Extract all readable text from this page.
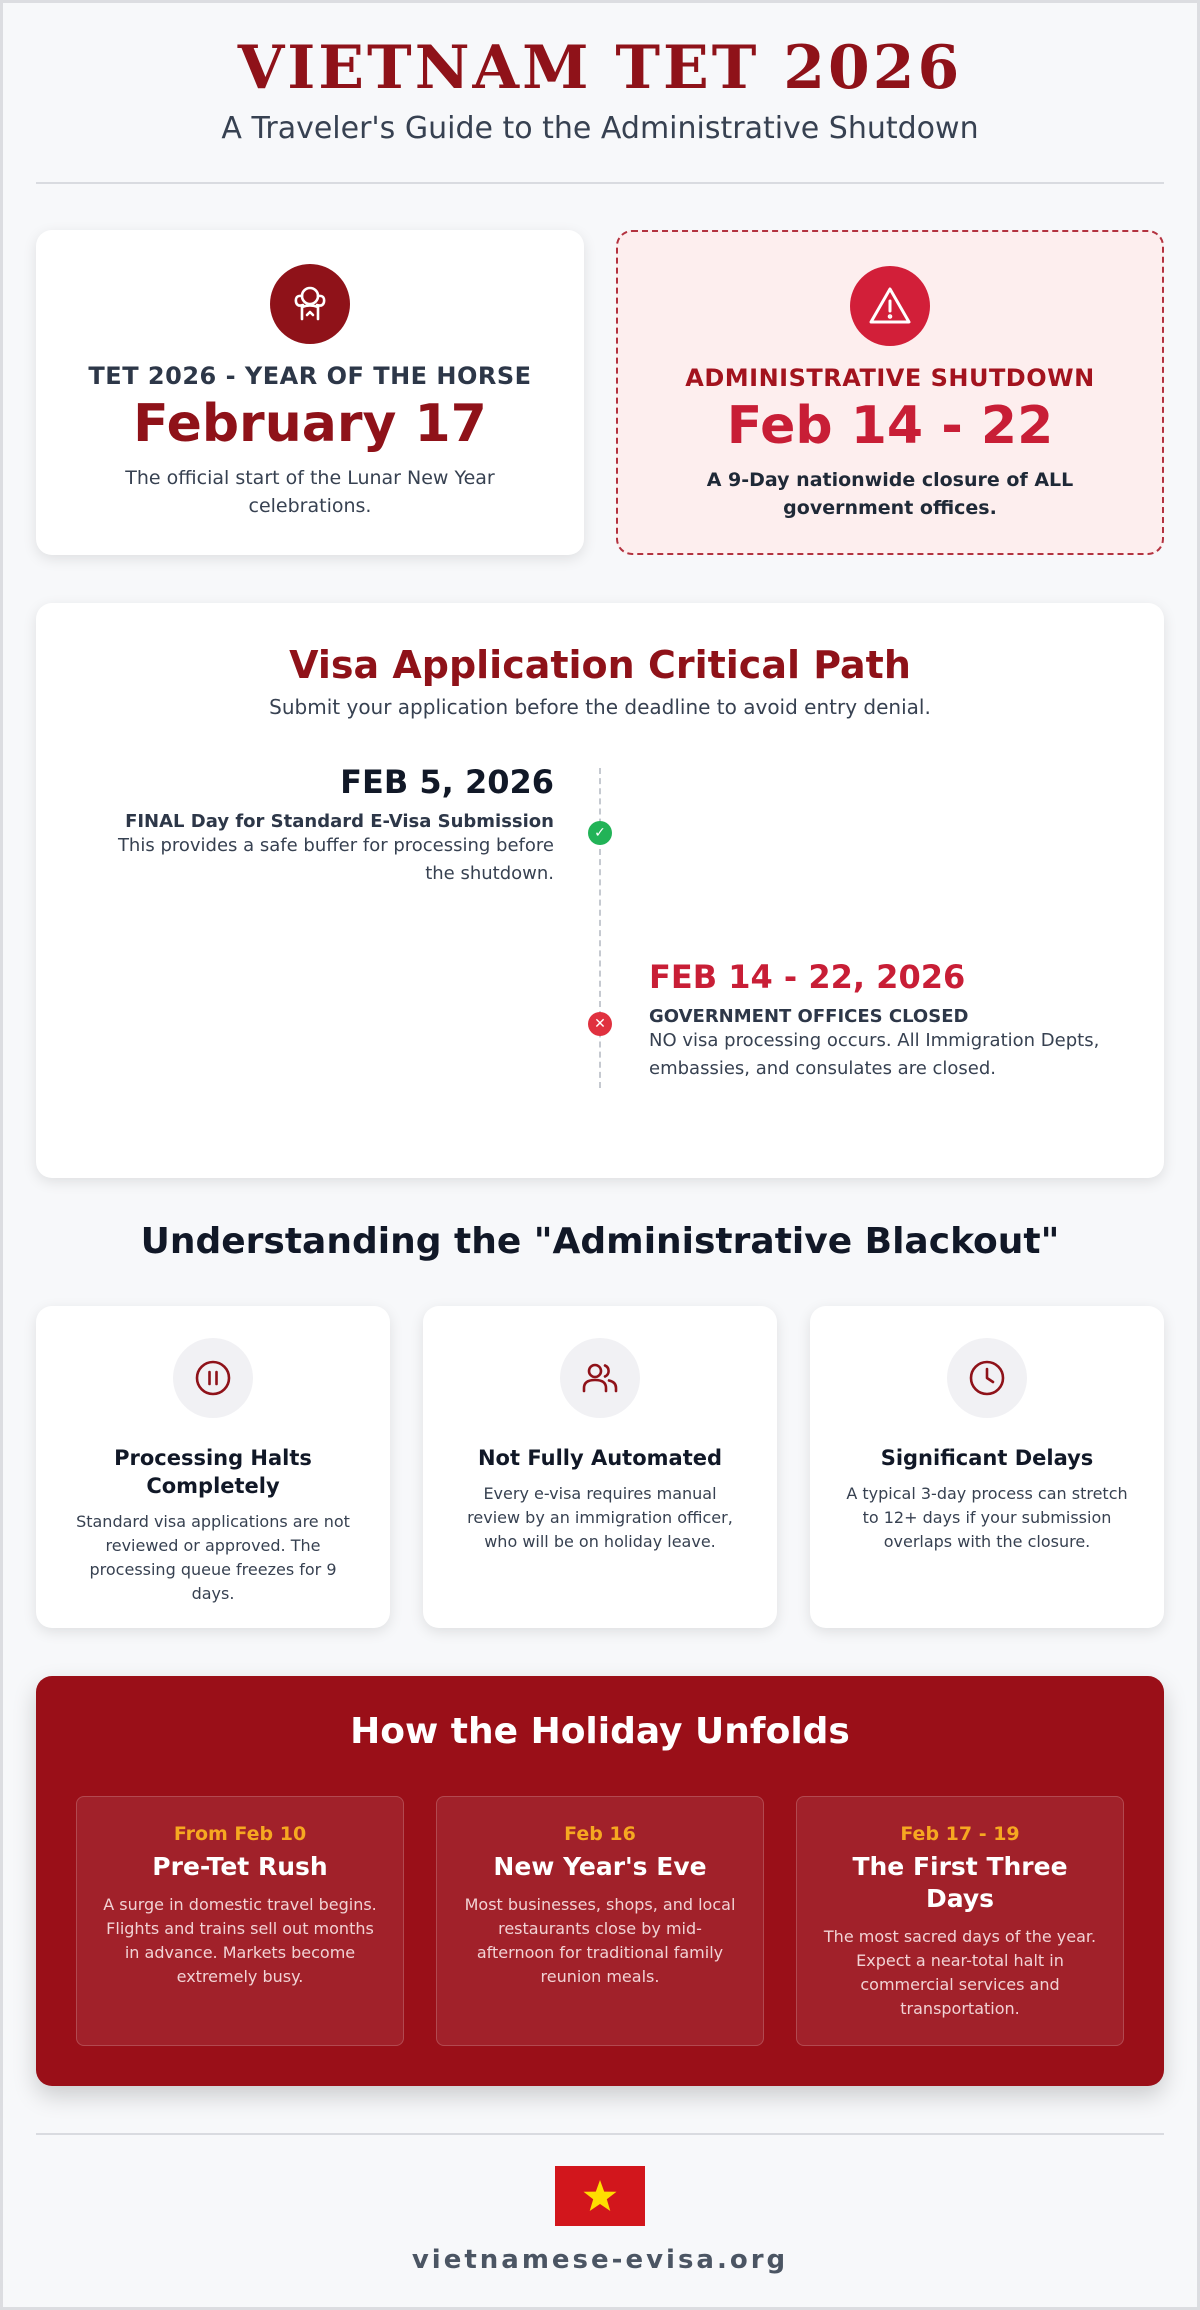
VIETNAM TET 2026
A Traveler's Guide to the Administrative Shutdown
TET 2026 - YEAR OF THE HORSE
February 17
The official start of the Lunar New Year celebrations.
ADMINISTRATIVE SHUTDOWN
Feb 14 - 22
A 9-Day nationwide closure of ALL government offices.
Visa Application Critical Path
Submit your application before the deadline to avoid entry denial.
FEB 5, 2026
FINAL Day for Standard E-Visa Submission
This provides a safe buffer for processing before the shutdown.
✓
FEB 14 - 22, 2026
GOVERNMENT OFFICES CLOSED
NO visa processing occurs. All Immigration Depts, embassies, and consulates are closed.
✕
Understanding the "Administrative Blackout"
Processing Halts Completely
Standard visa applications are not reviewed or approved. The processing queue freezes for 9 days.
Not Fully Automated
Every e-visa requires manual review by an immigration officer, who will be on holiday leave.
Significant Delays
A typical 3-day process can stretch to 12+ days if your submission overlaps with the closure.
How the Holiday Unfolds
From Feb 10
Pre-Tet Rush
A surge in domestic travel begins. Flights and trains sell out months in advance. Markets become extremely busy.
Feb 16
New Year's Eve
Most businesses, shops, and local restaurants close by mid-afternoon for traditional family reunion meals.
Feb 17 - 19
The First Three Days
The most sacred days of the year. Expect a near-total halt in commercial services and transportation.
vietnamese-evisa.org
